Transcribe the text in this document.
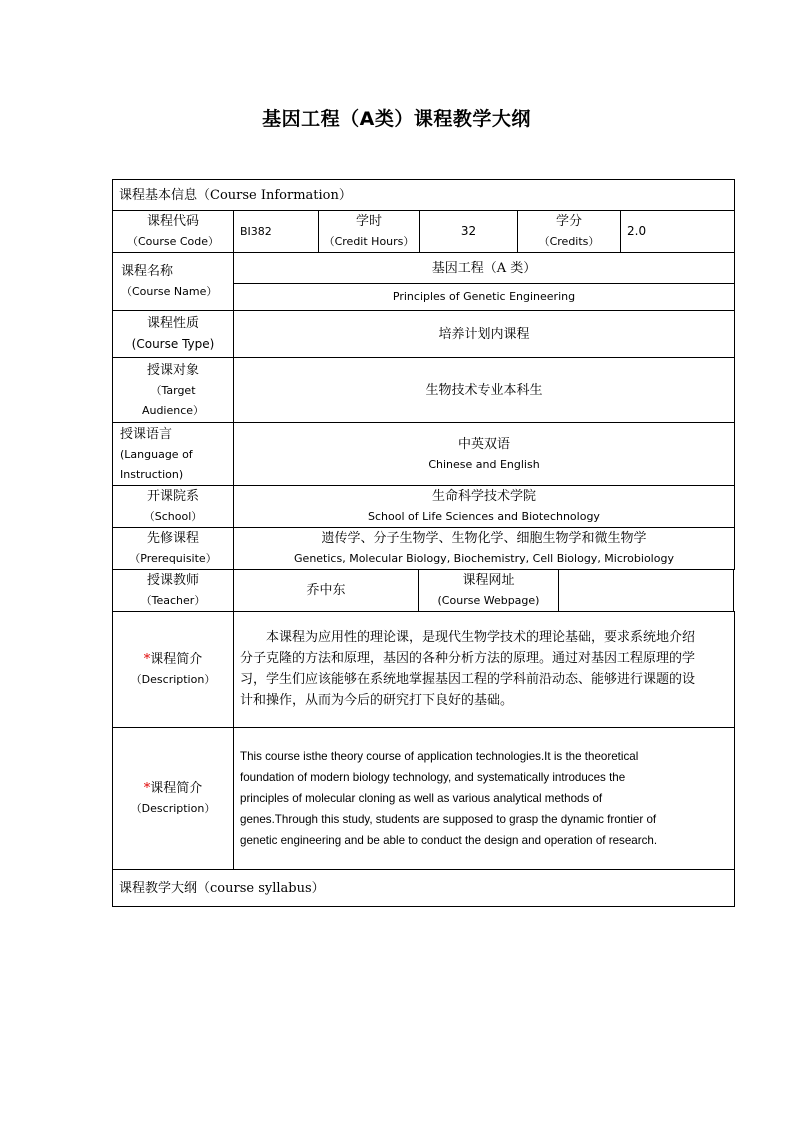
基因工程（A类）课程教学大纲
课程基本信息（Course Information）
课程代码
（Course Code）
BI382
学时
（Credit Hours）
32
学分
（Credits）
2.0
课程名称
（Course Name）
基因工程（A 类）
Principles of Genetic Engineering
课程性质
(Course Type)
培养计划内课程
授课对象
（Target
Audience）
生物技术专业本科生
授课语言
(Language of
Instruction)
中英双语
Chinese and English
开课院系
（School）
生命科学技术学院
School of Life Sciences and Biotechnology
先修课程
（Prerequisite）
遗传学、分子生物学、生物化学、细胞生物学和微生物学
Genetics, Molecular Biology, Biochemistry, Cell Biology, Microbiology
授课教师
（Teacher）
乔中东
课程网址
(Course Webpage)
*课程简介
（Description）
本课程为应用性的理论课，是现代生物学技术的理论基础，要求系统地介绍
分子克隆的方法和原理，基因的各种分析方法的原理。通过对基因工程原理的学
习，学生们应该能够在系统地掌握基因工程的学科前沿动态、能够进行课题的设
计和操作，从而为今后的研究打下良好的基础。
*课程简介
（Description）
This course isthe theory course of application technologies.It is the theoretical
foundation of modern biology technology, and systematically introduces the
principles of molecular cloning as well as various analytical methods of
genes.Through this study, students are supposed to grasp the dynamic frontier of
genetic engineering and be able to conduct the design and operation of research.
课程教学大纲（course syllabus）
